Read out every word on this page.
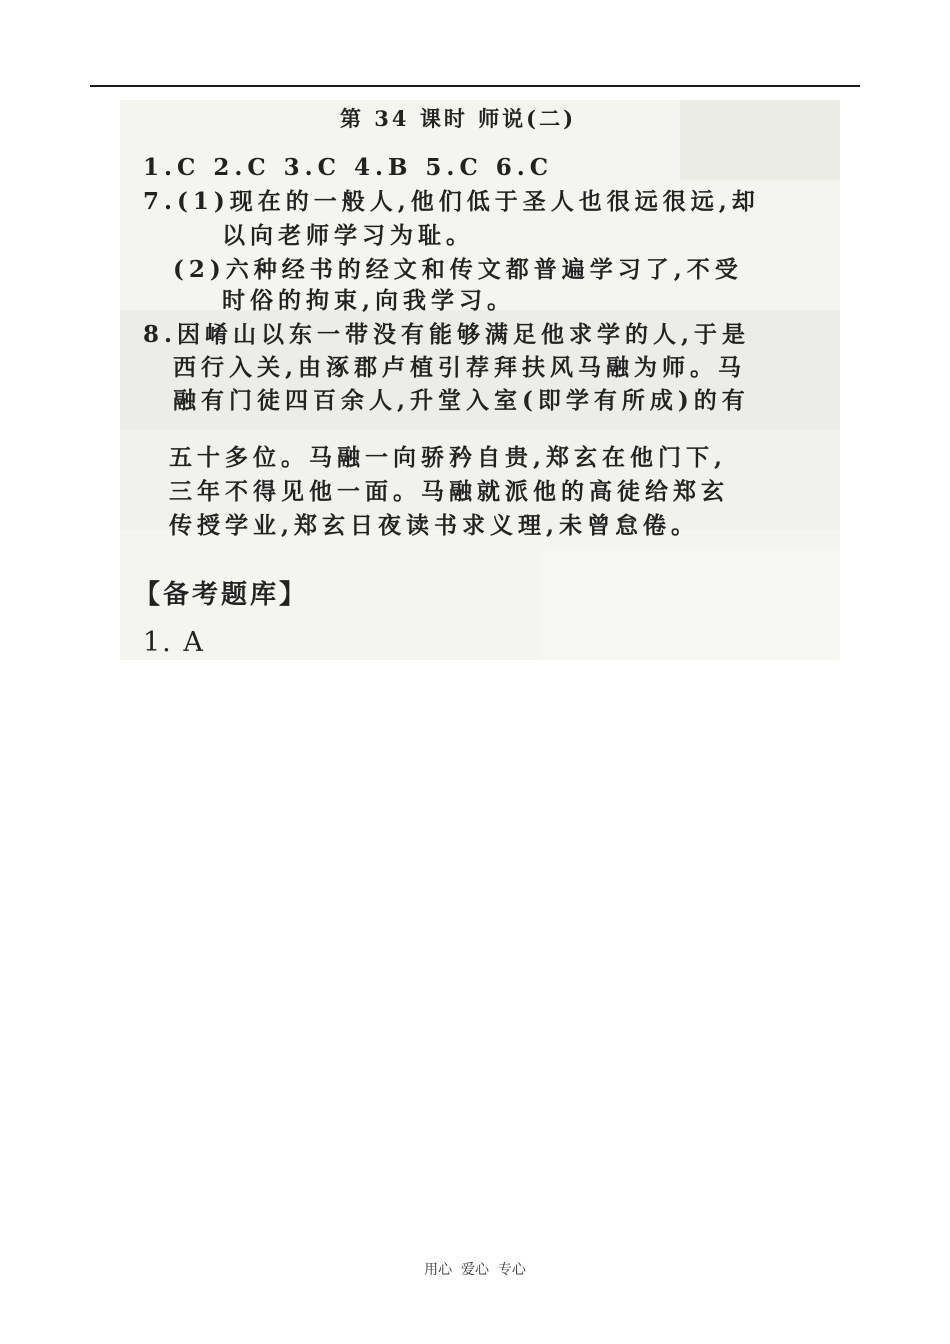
第 34 课时 师说(二)
1.C 2.C 3.C 4.B 5.C 6.C
7.(1)现在的一般人,他们低于圣人也很远很远,却
以向老师学习为耻。
(2)六种经书的经文和传文都普遍学习了,不受
时俗的拘束,向我学习。
8.因崤山以东一带没有能够满足他求学的人,于是
西行入关,由涿郡卢植引荐拜扶风马融为师。马
融有门徒四百余人,升堂入室(即学有所成)的有
五十多位。马融一向骄矜自贵,郑玄在他门下,
三年不得见他一面。马融就派他的高徒给郑玄
传授学业,郑玄日夜读书求义理,未曾怠倦。
【备考题库】
1. A
用心  爱心  专心
